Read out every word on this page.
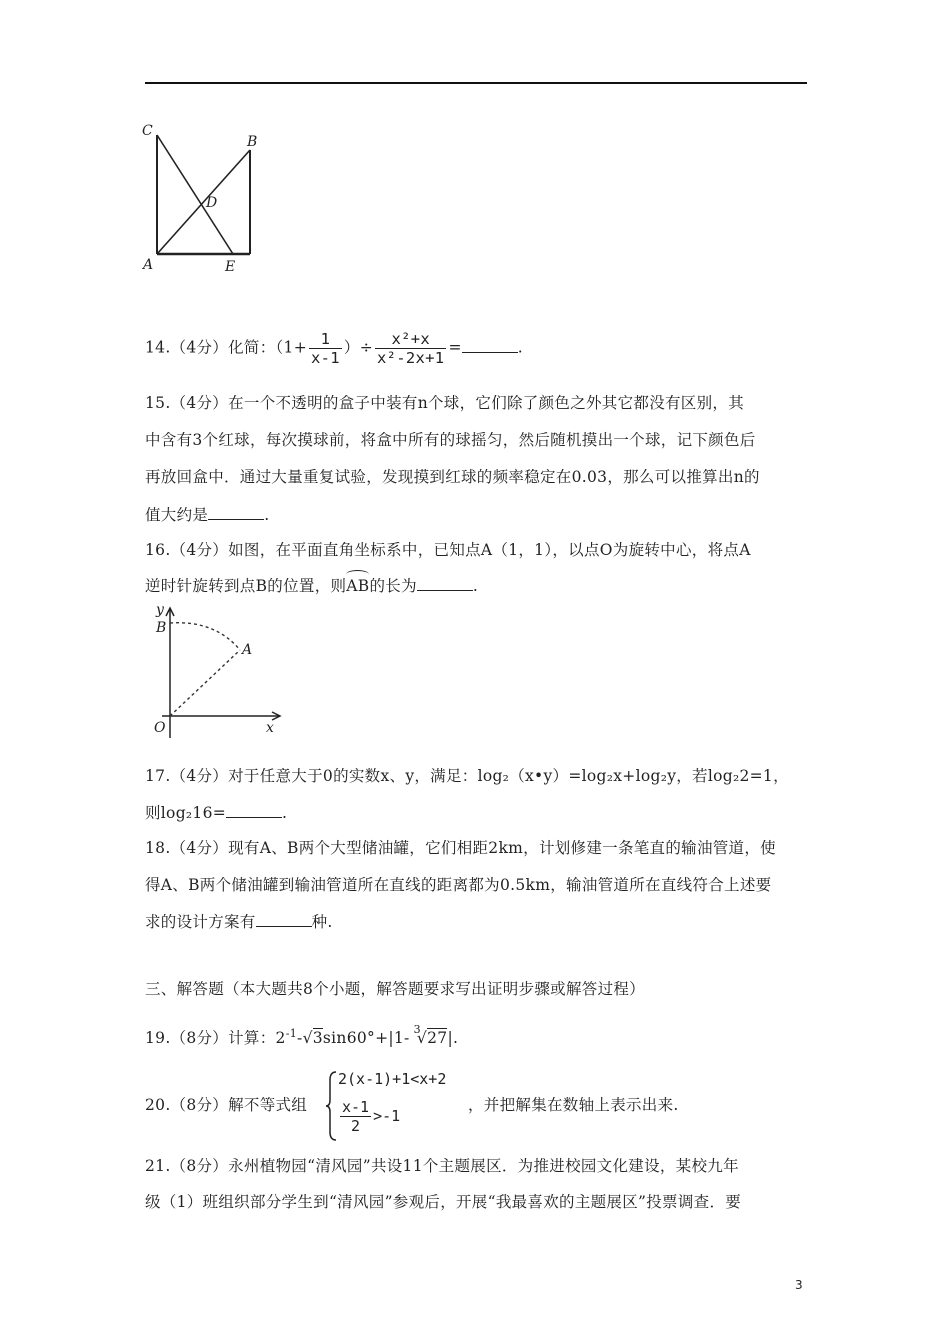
C
B
D
A	E
14.（4分）化简：（$1+ \frac{1}{x-1}$ ）÷ $\frac{\text{x²+x}}{\text{x²-2x+1}}$ =	.
15.（4分）在一个不透明的盒子中装有n个球，它们除了颜色之外其它都没有区别，其
中含有3个红球，每次摸球前，将盒中所有的球摇匀，然后随机摸出一个球，记下颜色后
再放回盒中．通过大量重复试验，发现摸到红球的频率稳定在0.03，那么可以推算出n的
值大约是	.
16.（4分）如图，在平面直角坐标系中，已知点A（1，1），以点O为旋转中心，将点A
逆时针旋转到点B的位置，则
AB的长为	.
y
B
A
O	x
17.（4分）对于任意大于0的实数x、y，满足：log₂（x•y）=log₂x+log₂y，若log₂2=1，
则log₂16=	.
18.（4分）现有A、B两个大型储油罐，它们相距2km，计划修建一条笔直的输油管道，使
得A、B两个储油罐到输油管道所在直线的距离都为0.5km，输油管道所在直线符合上述要
求的设计方案有	种.
三、解答题（本大题共8个小题，解答题要求写出证明步骤或解答过程）
19.（8分）计算：$2^{-1}-√3\sin 60^\circ+|1-$ $^3$√27|.
20.（8分）解不等式组
2(x-1)+1<x+2
$\frac{x-1}{2} >-1$
，并把解集在数轴上表示出来.
21.（8分）永州植物园“清风园”共设11个主题展区．为推进校园文化建设，某校九年
级（1）班组织部分学生到“清风园”参观后，开展“我最喜欢的主题展区”投票调查．要
3
